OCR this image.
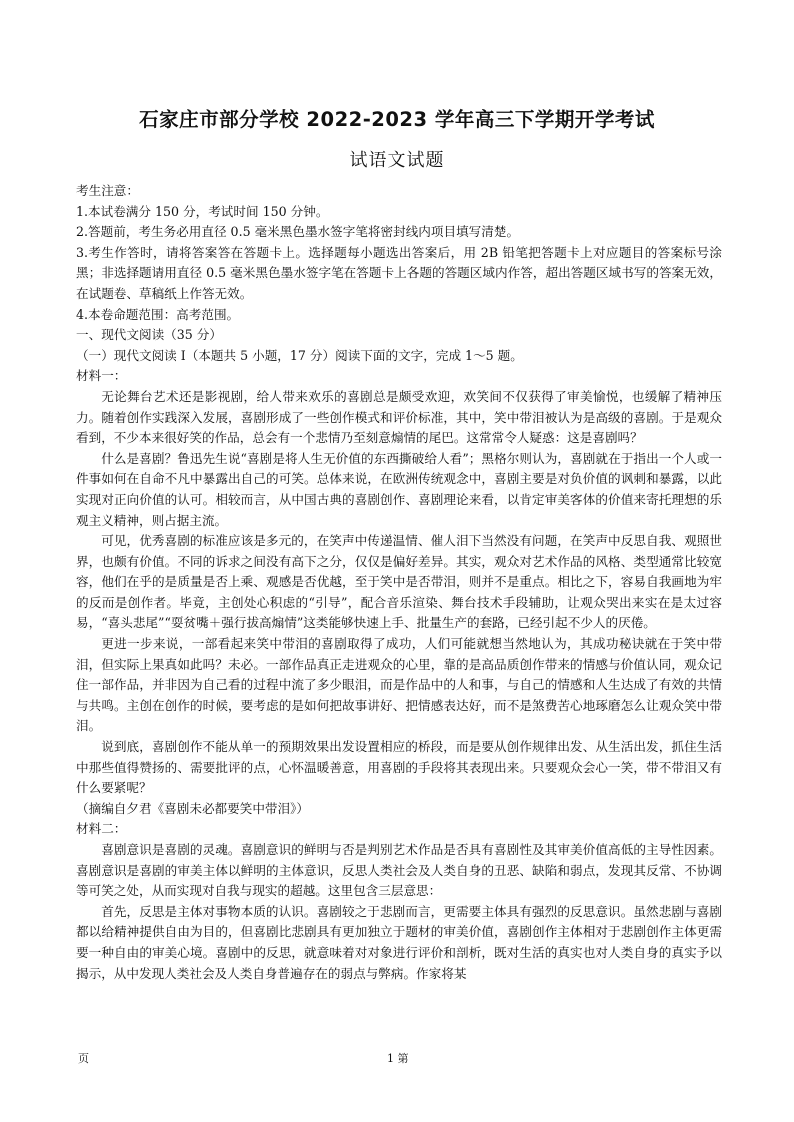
石家庄市部分学校 2022-2023 学年高三下学期开学考试
试语文试题

考生注意：

1.本试卷满分 150 分，考试时间 150 分钟。

2.答题前，考生务必用直径 0.5 毫米黑色墨水签字笔将密封线内项目填写清楚。

3.考生作答时，请将答案答在答题卡上。选择题每小题选出答案后，用 2B 铅笔把答题卡上对应题目的答案标号涂黑；非选择题请用直径 0.5 毫米黑色墨水签字笔在答题卡上各题的答题区域内作答，超出答题区域书写的答案无效，在试题卷、草稿纸上作答无效。

4.本卷命题范围：高考范围。

一、现代文阅读（35 分）

（一）现代文阅读 I（本题共 5 小题，17 分）阅读下面的文字，完成 1～5 题。

材料一：

无论舞台艺术还是影视剧，给人带来欢乐的喜剧总是颇受欢迎，欢笑间不仅获得了审美愉悦，也缓解了精神压力。随着创作实践深入发展，喜剧形成了一些创作模式和评价标准，其中，笑中带泪被认为是高级的喜剧。于是观众看到，不少本来很好笑的作品，总会有一个悲情乃至刻意煽情的尾巴。这常常令人疑惑：这是喜剧吗？

什么是喜剧？鲁迅先生说“喜剧是将人生无价值的东西撕破给人看”；黑格尔则认为，喜剧就在于指出一个人或一件事如何在自命不凡中暴露出自己的可笑。总体来说，在欧洲传统观念中，喜剧主要是对负价值的讽刺和暴露，以此实现对正向价值的认可。相较而言，从中国古典的喜剧创作、喜剧理论来看，以肯定审美客体的价值来寄托理想的乐观主义精神，则占据主流。

可见，优秀喜剧的标准应该是多元的，在笑声中传递温情、催人泪下当然没有问题，在笑声中反思自我、观照世界，也颇有价值。不同的诉求之间没有高下之分，仅仅是偏好差异。其实，观众对艺术作品的风格、类型通常比较宽容，他们在乎的是质量是否上乘、观感是否优越，至于笑中是否带泪，则并不是重点。相比之下，容易自我画地为牢的反而是创作者。毕竟，主创处心积虑的“引导”，配合音乐渲染、舞台技术手段辅助，让观众哭出来实在是太过容易，“喜头悲尾”“耍贫嘴＋强行拔高煽情”这类能够快速上手、批量生产的套路，已经引起不少人的厌倦。

更进一步来说，一部看起来笑中带泪的喜剧取得了成功，人们可能就想当然地认为，其成功秘诀就在于笑中带泪，但实际上果真如此吗？未必。一部作品真正走进观众的心里，靠的是高品质创作带来的情感与价值认同，观众记住一部作品，并非因为自己看的过程中流了多少眼泪，而是作品中的人和事，与自己的情感和人生达成了有效的共情与共鸣。主创在创作的时候，要考虑的是如何把故事讲好、把情感表达好，而不是煞费苦心地琢磨怎么让观众笑中带泪。

说到底，喜剧创作不能从单一的预期效果出发设置相应的桥段，而是要从创作规律出发、从生活出发，抓住生活中那些值得赞扬的、需要批评的点，心怀温暖善意，用喜剧的手段将其表现出来。只要观众会心一笑，带不带泪又有什么要紧呢？

（摘编自夕君《喜剧未必都要笑中带泪》）

材料二：

喜剧意识是喜剧的灵魂。喜剧意识的鲜明与否是判别艺术作品是否具有喜剧性及其审美价值高低的主导性因素。喜剧意识是喜剧的审美主体以鲜明的主体意识，反思人类社会及人类自身的丑恶、缺陷和弱点，发现其反常、不协调等可笑之处，从而实现对自我与现实的超越。这里包含三层意思：

首先，反思是主体对事物本质的认识。喜剧较之于悲剧而言，更需要主体具有强烈的反思意识。虽然悲剧与喜剧都以给精神提供自由为目的，但喜剧比悲剧具有更加独立于题材的审美价值，喜剧创作主体相对于悲剧创作主体更需要一种自由的审美心境。喜剧中的反思，就意味着对对象进行评价和剖析，既对生活的真实也对人类自身的真实予以揭示，从中发现人类社会及人类自身普遍存在的弱点与弊病。作家将某

页	1 第
